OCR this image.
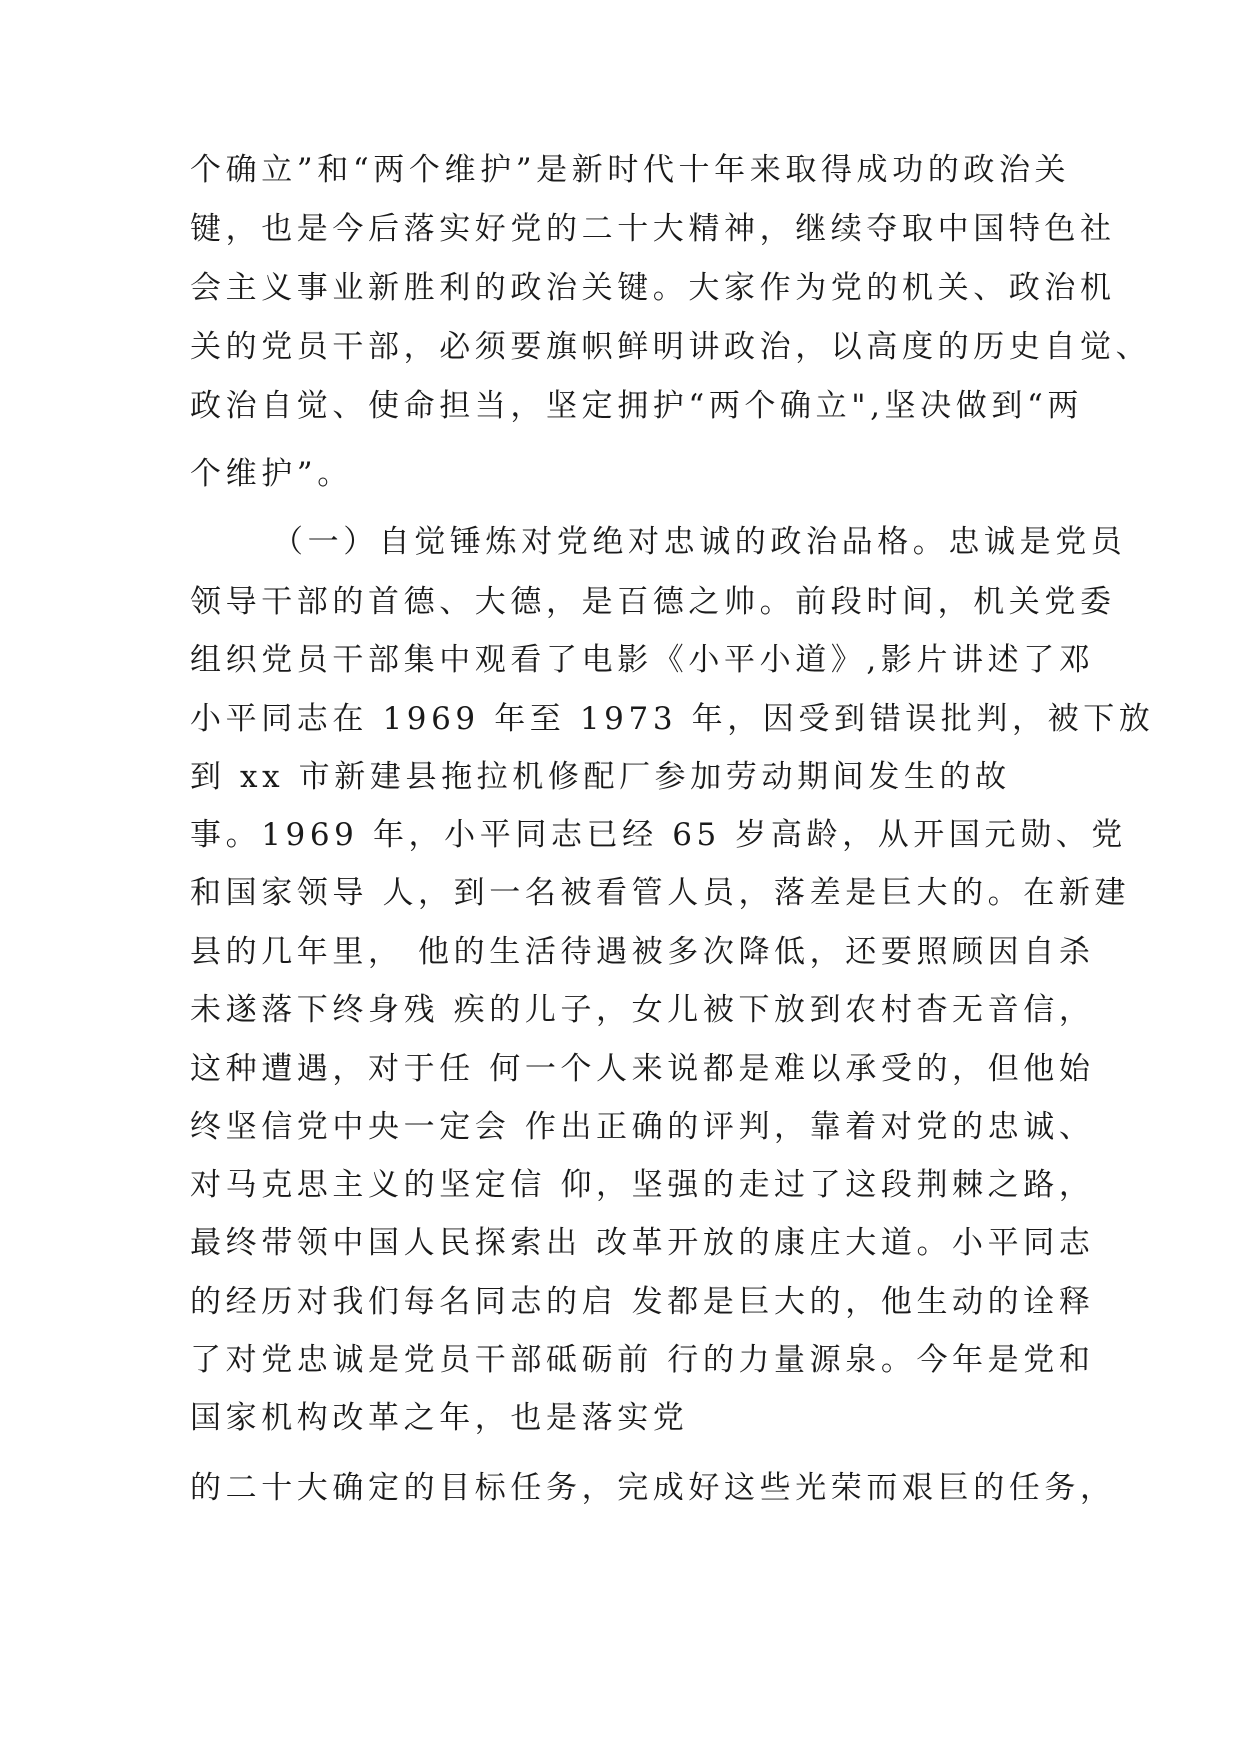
个确立”和“两个维护”是新时代十年来取得成功的政治关

键，也是今后落实好党的二十大精神，继续夺取中国特色社

会主义事业新胜利的政治关键。大家作为党的机关、政治机

关的党员干部，必须要旗帜鲜明讲政治，以高度的历史自觉、

政治自觉、使命担当，坚定拥护“两个确立",坚决做到“两

个维护”。

（一）自觉锤炼对党绝对忠诚的政治品格。忠诚是党员

领导干部的首德、大德，是百德之帅。前段时间，机关党委

组织党员干部集中观看了电影《小平小道》,影片讲述了邓

小平同志在 1969 年至 1973 年，因受到错误批判，被下放

到 xx 市新建县拖拉机修配厂参加劳动期间发生的故

事。1969 年，小平同志已经 65 岁高龄，从开国元勋、党

和国家领导 人，到一名被看管人员，落差是巨大的。在新建

县的几年里， 他的生活待遇被多次降低，还要照顾因自杀

未遂落下终身残 疾的儿子，女儿被下放到农村杳无音信，

这种遭遇，对于任 何一个人来说都是难以承受的，但他始

终坚信党中央一定会 作出正确的评判，靠着对党的忠诚、

对马克思主义的坚定信 仰，坚强的走过了这段荆棘之路，

最终带领中国人民探索出 改革开放的康庄大道。小平同志

的经历对我们每名同志的启 发都是巨大的，他生动的诠释

了对党忠诚是党员干部砥砺前 行的力量源泉。今年是党和

国家机构改革之年，也是落实党

的二十大确定的目标任务，完成好这些光荣而艰巨的任务，
